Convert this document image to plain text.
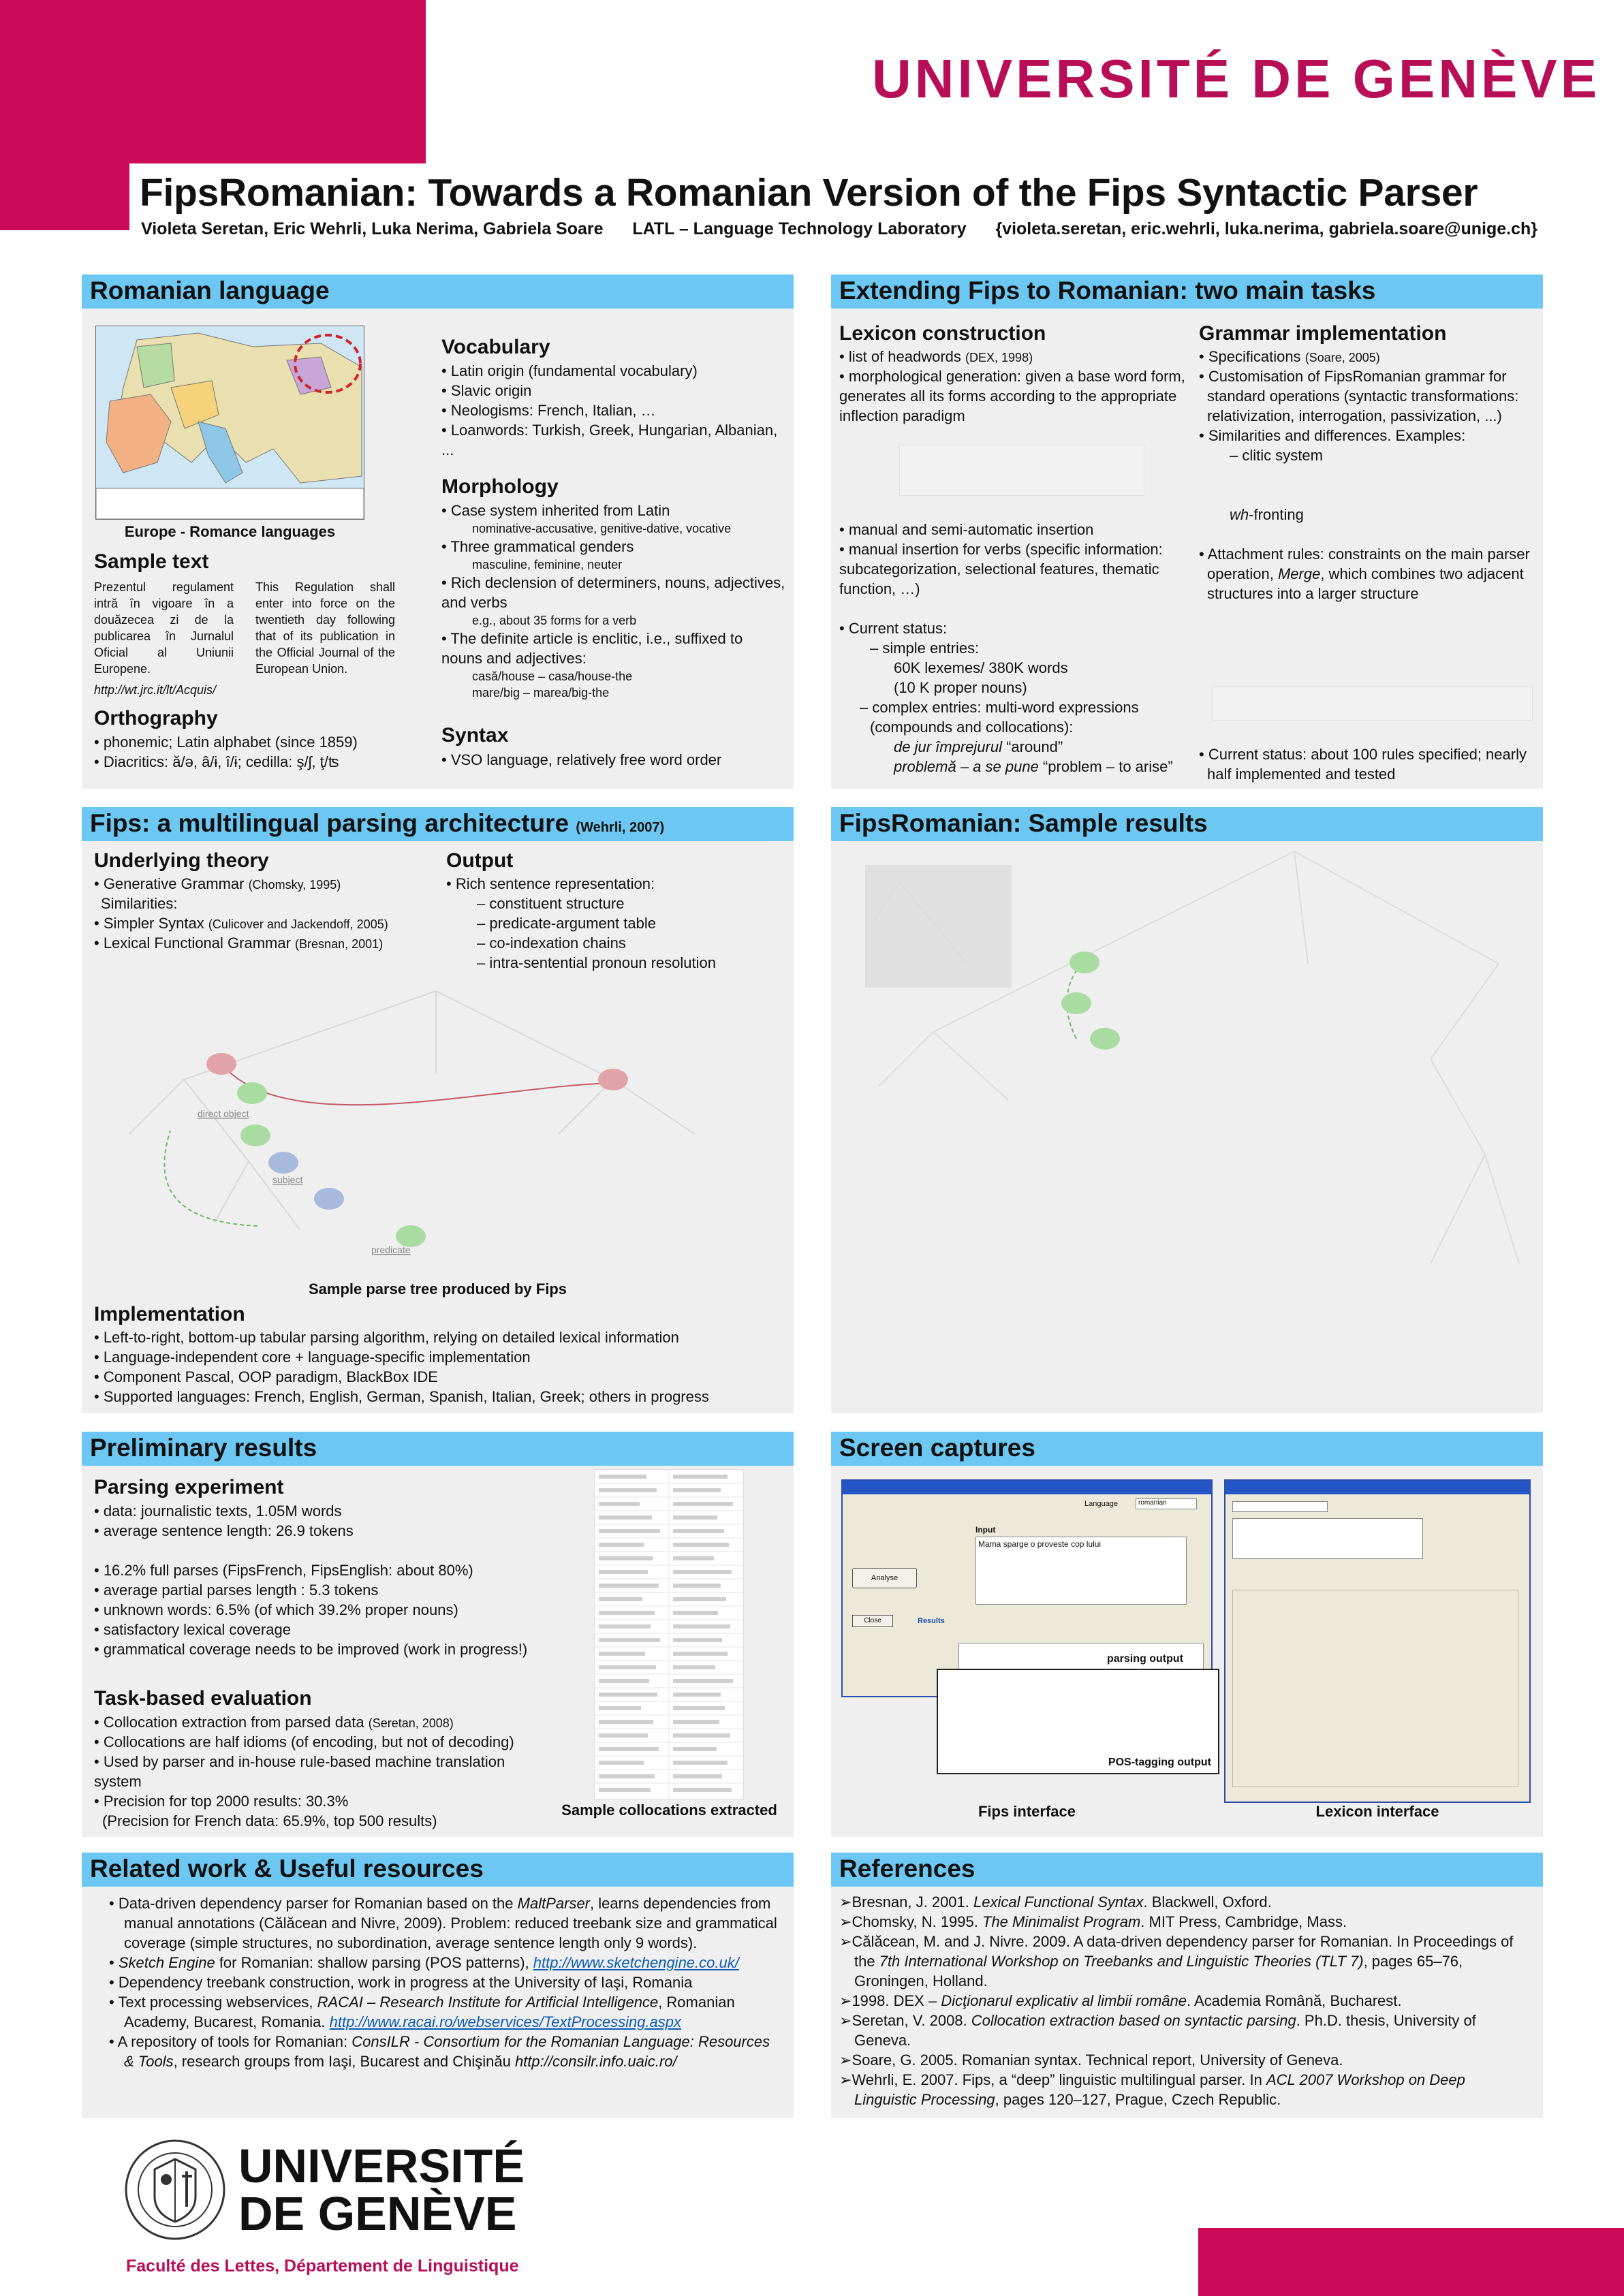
UNIVERSITÉ DE GENÈVE
FipsRomanian: Towards a Romanian Version of the Fips Syntactic Parser
Violeta Seretan, Eric Wehrli, Luka Nerima, Gabriela Soare LATL – Language Technology Laboratory {violeta.seretan, eric.wehrli, luka.nerima, gabriela.soare@unige.ch}
Romanian language
Europe - Romance languages
Sample text
Prezentul regulament intră în vigoare în a douăzecea zi de la publicarea în Jurnalul Oficial al Uniunii Europene.
This Regulation shall enter into force on the twentieth day following that of its publication in the Official Journal of the European Union.
http://wt.jrc.it/lt/Acquis/
Orthography

• phonemic; Latin alphabet (since 1859)

• Diacritics: ă/ə, â/ɨ, î/ɨ; cedilla: ş/ʃ, ţ/ʦ

Vocabulary

• Latin origin (fundamental vocabulary)

• Slavic origin

• Neologisms: French, Italian, …

• Loanwords: Turkish, Greek, Hungarian, Albanian, ...

Morphology

• Case system inherited from Latin

nominative-accusative, genitive-dative, vocative

• Three grammatical genders

masculine, feminine, neuter

• Rich declension of determiners, nouns, adjectives, and verbs

e.g., about 35 forms for a verb

• The definite article is enclitic, i.e., suffixed to nouns and adjectives:

casă/house – casa/house-the

mare/big – marea/big-the

Syntax
• VSO language, relatively free word order
Extending Fips to Romanian: two main tasks
Lexicon construction

• list of headwords (DEX, 1998)

• morphological generation: given a base word form, generates all its forms according to the appropriate inflection paradigm

• manual and semi-automatic insertion

• manual insertion for verbs (specific information: subcategorization, selectional features, thematic function, …)

• Current status:

– simple entries:

60K lexemes/ 380K words

(10 K proper nouns)

– complex entries: multi-word expressions (compounds and collocations):

de jur împrejurul “around”

problemă – a se pune “problem – to arise”

Grammar implementation

• Specifications (Soare, 2005)

• Customisation of FipsRomanian grammar for standard operations (syntactic transformations: relativization, interrogation, passivization, ...)

• Similarities and differences. Examples:

– clitic system

wh-fronting

• Attachment rules: constraints on the main parser operation, Merge, which combines two adjacent structures into a larger structure

• Current status: about 100 rules specified; nearly half implemented and tested
Fips: a multilingual parsing architecture (Wehrli, 2007)
Underlying theory

• Generative Grammar (Chomsky, 1995)

Similarities:

• Simpler Syntax (Culicover and Jackendoff, 2005)

• Lexical Functional Grammar (Bresnan, 2001)

Output

• Rich sentence representation:

– constituent structure

– predicate-argument table

– co-indexation chains

– intra-sentential pronoun resolution

direct object
subject
predicate
Sample parse tree produced by Fips
Implementation

• Left-to-right, bottom-up tabular parsing algorithm, relying on detailed lexical information

• Language-independent core + language-specific implementation

• Component Pascal, OOP paradigm, BlackBox IDE

• Supported languages: French, English, German, Spanish, Italian, Greek; others in progress

FipsRomanian: Sample results
Preliminary results
Parsing experiment

• data: journalistic texts, 1.05M words

• average sentence length: 26.9 tokens

• 16.2% full parses (FipsFrench, FipsEnglish: about 80%)

• average partial parses length : 5.3 tokens

• unknown words: 6.5% (of which 39.2% proper nouns)

• satisfactory lexical coverage

• grammatical coverage needs to be improved (work in progress!)

Task-based evaluation

• Collocation extraction from parsed data (Seretan, 2008)

• Collocations are half idioms (of encoding, but not of decoding)

• Used by parser and in-house rule-based machine translation system

• Precision for top 2000 results: 30.3%

(Precision for French data: 65.9%, top 500 results)

Sample collocations extracted
Screen captures
Input
Language	romanian
Mama sparge o proveste cop lului
Analyse
Close	Results
parsing output
POS-tagging output
Fips interface	Lexicon interface
Related work & Useful resources

• Data-driven dependency parser for Romanian based on the MaltParser, learns dependencies from manual annotations (Călăcean and Nivre, 2009). Problem: reduced treebank size and grammatical coverage (simple structures, no subordination, average sentence length only 9 words).

• Sketch Engine for Romanian: shallow parsing (POS patterns), http://www.sketchengine.co.uk/

• Dependency treebank construction, work in progress at the University of Iaşi, Romania

• Text processing webservices, RACAI – Research Institute for Artificial Intelligence, Romanian Academy, Bucarest, Romania. http://www.racai.ro/webservices/TextProcessing.aspx

• A repository of tools for Romanian: ConsILR - Consortium for the Romanian Language: Resources & Tools, research groups from Iaşi, Bucarest and Chişinău http://consilr.info.uaic.ro/

References

➢Bresnan, J. 2001. Lexical Functional Syntax. Blackwell, Oxford.

➢Chomsky, N. 1995. The Minimalist Program. MIT Press, Cambridge, Mass.

➢Călăcean, M. and J. Nivre. 2009. A data-driven dependency parser for Romanian. In Proceedings of the 7th International Workshop on Treebanks and Linguistic Theories (TLT 7), pages 65–76, Groningen, Holland.

➢1998. DEX – Dicţionarul explicativ al limbii române. Academia Română, Bucharest.

➢Seretan, V. 2008. Collocation extraction based on syntactic parsing. Ph.D. thesis, University of Geneva.

➢Soare, G. 2005. Romanian syntax. Technical report, University of Geneva.

➢Wehrli, E. 2007. Fips, a “deep” linguistic multilingual parser. In ACL 2007 Workshop on Deep Linguistic Processing, pages 120–127, Prague, Czech Republic.

UNIVERSITÉ
DE GENÈVE
Faculté des Lettes, Département de Linguistique
